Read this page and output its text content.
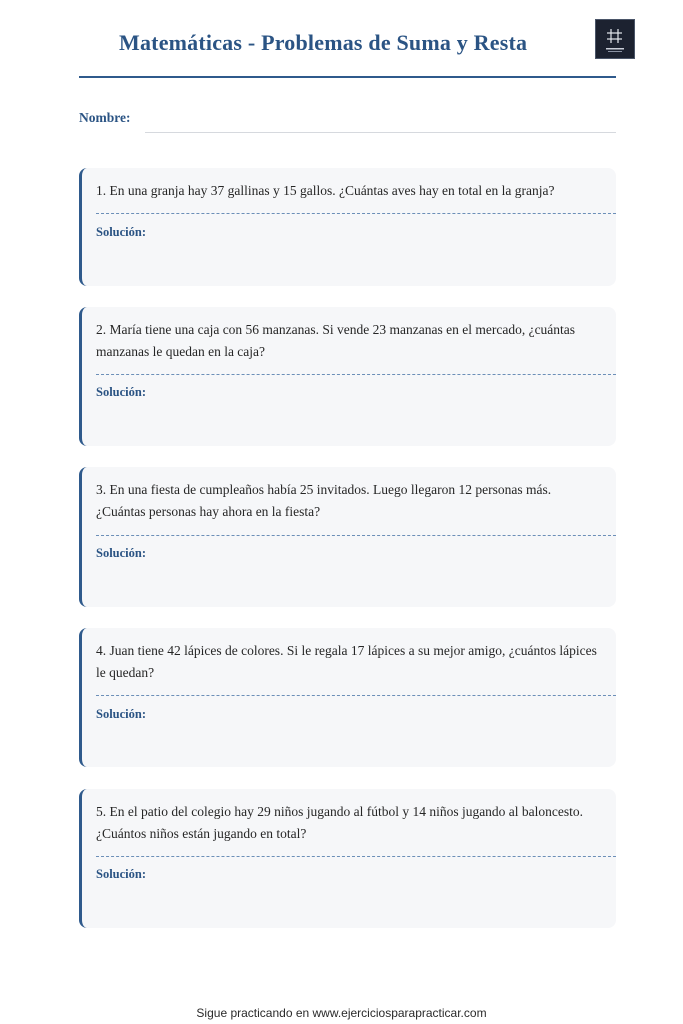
Matemáticas - Problemas de Suma y Resta
Nombre:
1. En una granja hay 37 gallinas y 15 gallos. ¿Cuántas aves hay en total en la granja?
Solución:
2. María tiene una caja con 56 manzanas. Si vende 23 manzanas en el mercado, ¿cuántas manzanas le quedan en la caja?
Solución:
3. En una fiesta de cumpleaños había 25 invitados. Luego llegaron 12 personas más. ¿Cuántas personas hay ahora en la fiesta?
Solución:
4. Juan tiene 42 lápices de colores. Si le regala 17 lápices a su mejor amigo, ¿cuántos lápices le quedan?
Solución:
5. En el patio del colegio hay 29 niños jugando al fútbol y 14 niños jugando al baloncesto. ¿Cuántos niños están jugando en total?
Solución:
Sigue practicando en www.ejerciciosparapracticar.com
